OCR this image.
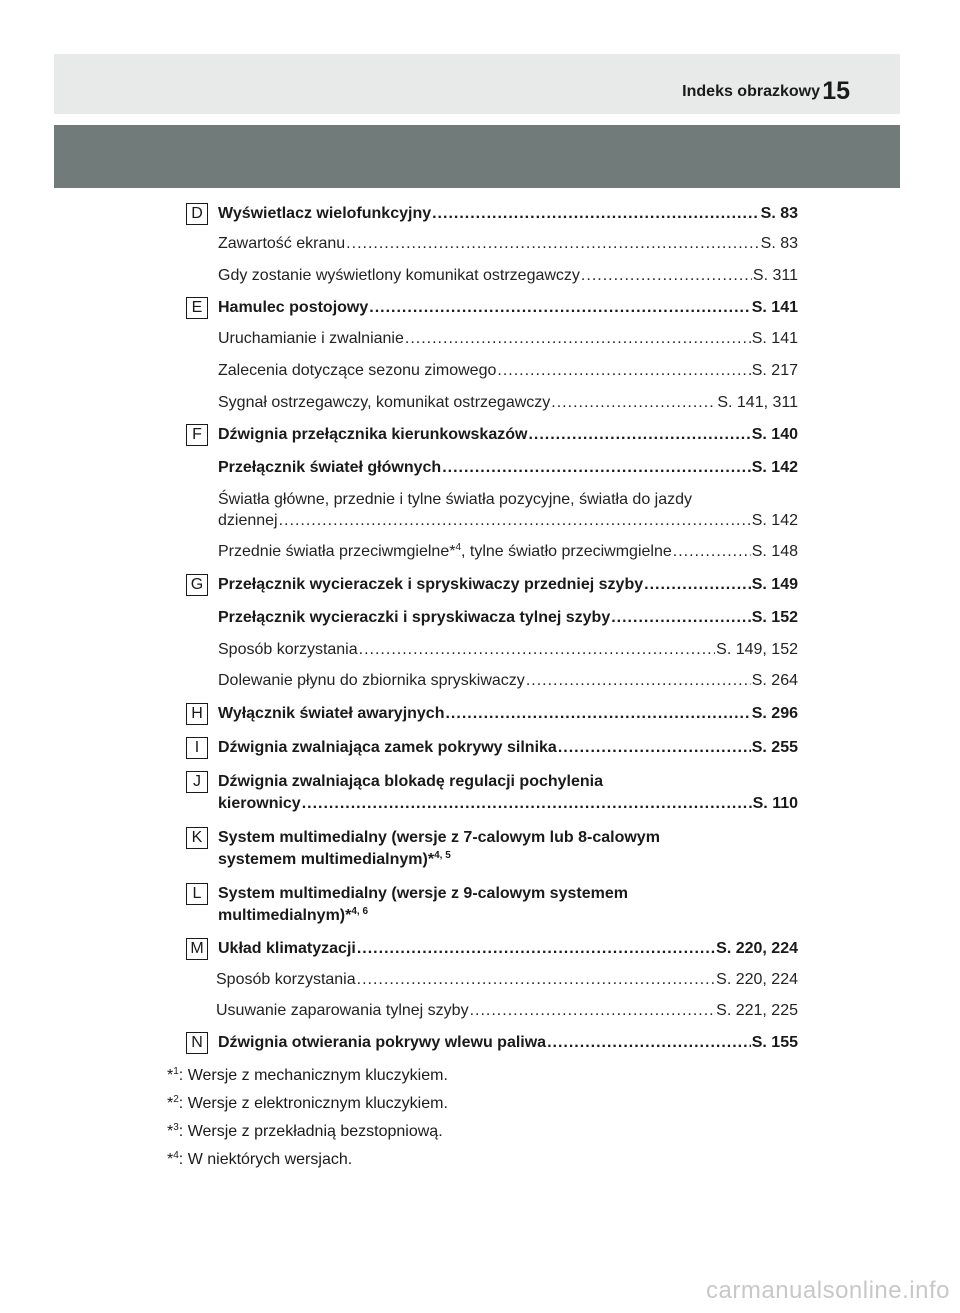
Indeks obrazkowy 15
D Wyświetlacz wielofunkcyjny .....	S. 83
Zawartość ekranu .....	S. 83
Gdy zostanie wyświetlony komunikat ostrzegawczy .....	S. 311
E Hamulec postojowy .....	S. 141
Uruchamianie i zwalnianie .....	S. 141
Zalecenia dotyczące sezonu zimowego .....	S. 217
Sygnał ostrzegawczy, komunikat ostrzegawczy .....	S. 141, 311
F	Dźwignia przełącznika kierunkowskazów .....	S. 140
Przełącznik świateł głównych .....	S. 142
Światła główne, przednie i tylne światła pozycyjne, światła do jazdy
dziennej .....	S. 142
Przednie światła przeciwmgielne*$^4$, tylne światło przeciwmgielne .....	S. 148
G Przełącznik wycieraczek i spryskiwaczy przedniej szyby .....	S. 149
Przełącznik wycieraczki i spryskiwacza tylnej szyby .....	S. 152
Sposób korzystania .....	S. 149, 152
Dolewanie płynu do zbiornika spryskiwaczy .....	S. 264
H Wyłącznik świateł awaryjnych .....	S. 296
I	Dźwignia zwalniająca zamek pokrywy silnika .....	S. 255
J	Dźwignia zwalniająca blokadę regulacji pochylenia
kierownicy .....	S. 110
K System multimedialny (wersje z 7-calowym lub 8-calowym
systemem multimedialnym)*$^{4, 5}$
L	System multimedialny (wersje z 9-calowym systemem
multimedialnym)*$^{4, 6}$
M Układ klimatyzacji .....	S. 220, 224
Sposób korzystania .....	S. 220, 224
Usuwanie zaparowania tylnej szyby .....	S. 221, 225
N Dźwignia otwierania pokrywy wlewu paliwa .....	S. 155
*$^1$: Wersje z mechanicznym kluczykiem.
*$^2$: Wersje z elektronicznym kluczykiem.
*$^3$: Wersje z przekładnią bezstopniową.
*$^4$: W niektórych wersjach.
carmanualsonline.info
